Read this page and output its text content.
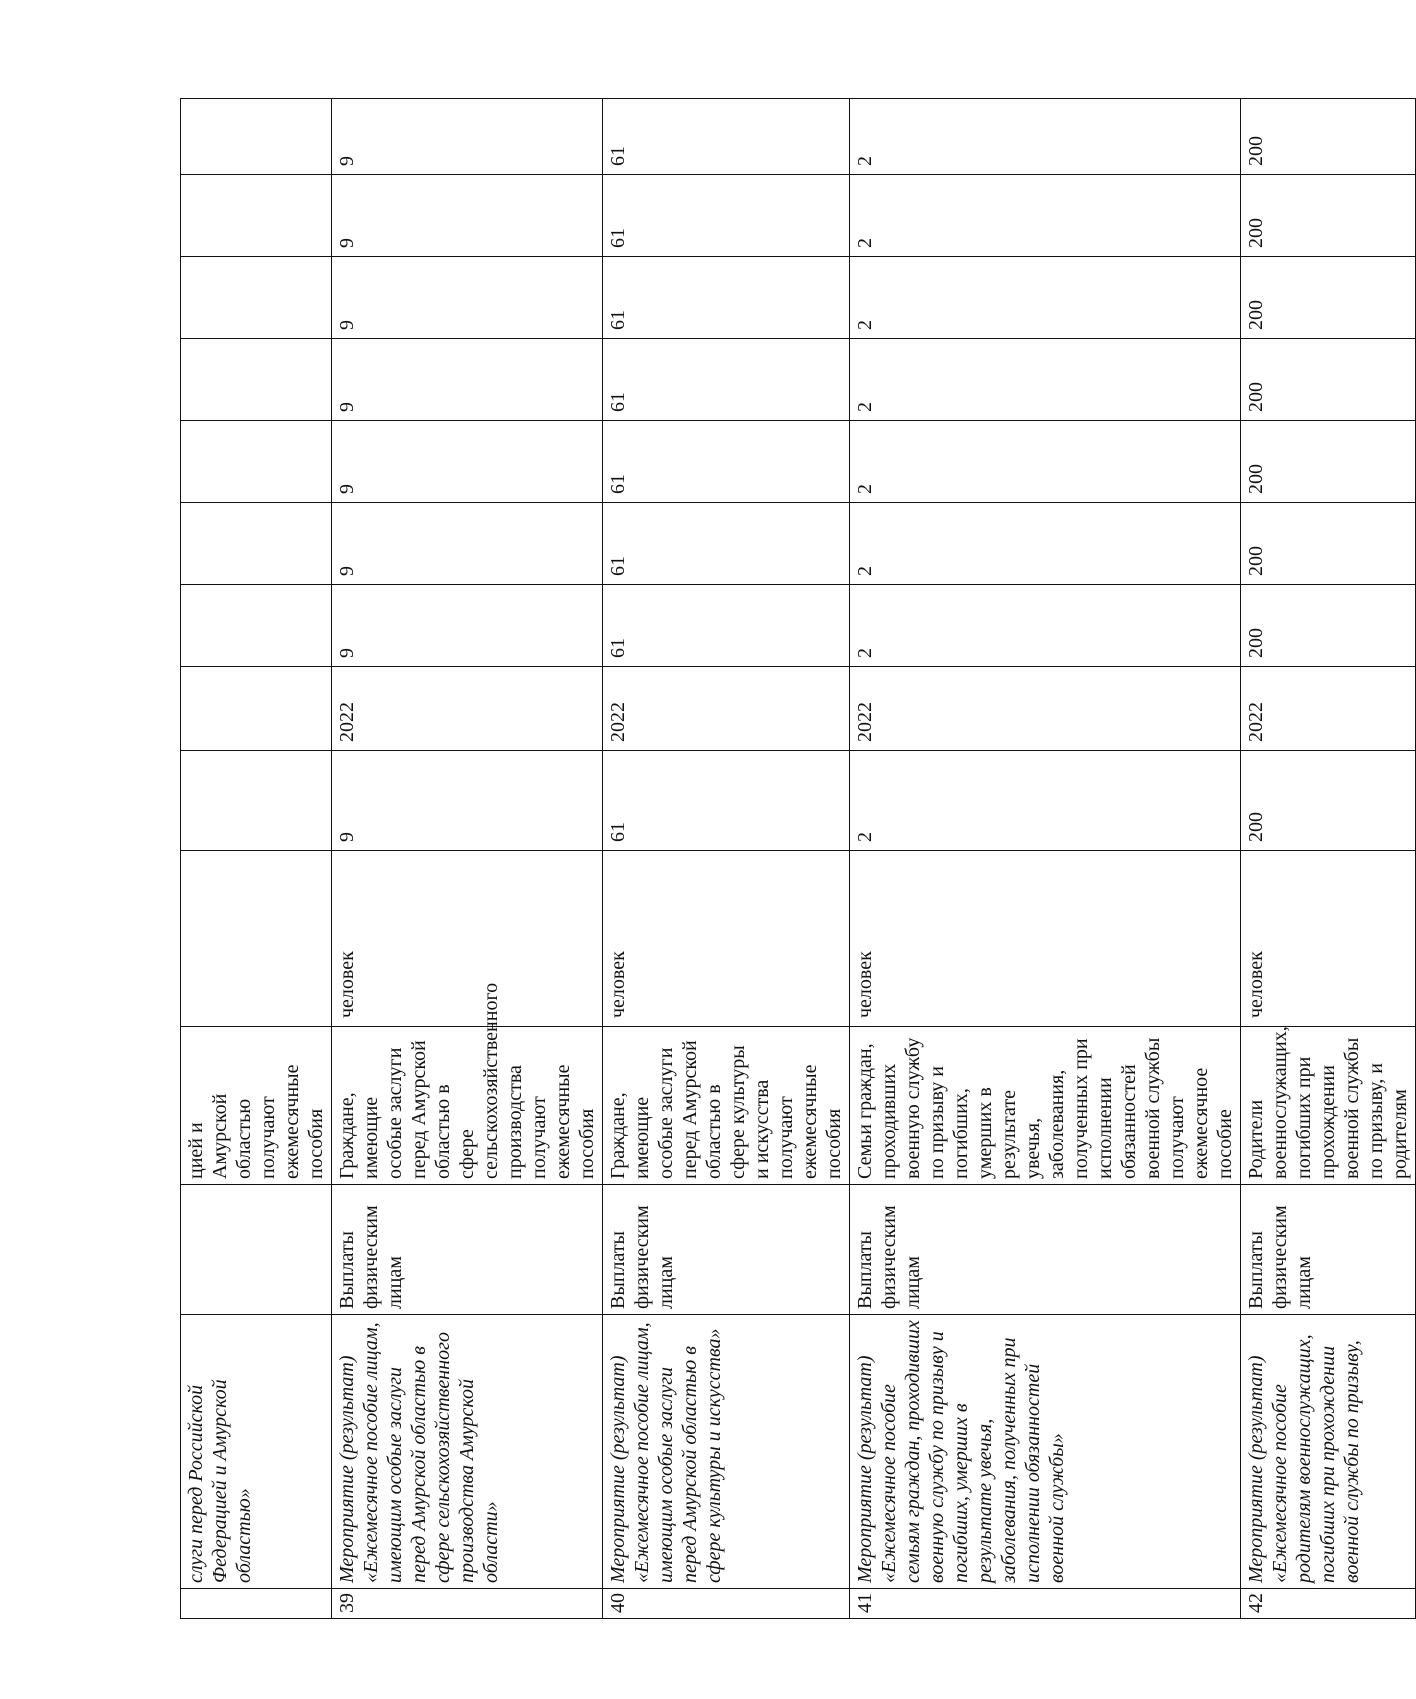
	слуги перед Российской Федерацией и Амурской областью»		цией и Амурской областью получают ежемесячные пособия										
39	Мероприятие (результат) «Ежемесячное пособие лицам, имеющим особые заслуги перед Амурской областью в сфере сельскохозяйственного производства Амурской области»	Выплаты физическим лицам	Граждане, имеющие особые заслуги перед Амурской областью в сфере сельскохозяйственного производства получают ежемесячные пособия	человек	9	2022	9	9	9	9	9	9	9
40	Мероприятие (результат) «Ежемесячное пособие лицам, имеющим особые заслуги перед Амурской областью в сфере культуры и искусства»	Выплаты физическим лицам	Граждане, имеющие особые заслуги перед Амурской областью в сфере культуры и искусства получают ежемесячные пособия	человек	61	2022	61	61	61	61	61	61	61
41	Мероприятие (результат) «Ежемесячное пособие семьям граждан, проходивших военную службу по призыву и погибших, умерших в результате увечья, заболевания, полученных при исполнении обязанностей военной службы»	Выплаты физическим лицам	Семьи граждан, проходивших военную службу по призыву и погибших, умерших в результате увечья, заболевания, полученных при исполнении обязанностей военной службы получают ежемесячное пособие	человек	2	2022	2	2	2	2	2	2	2
42	Мероприятие (результат) «Ежемесячное пособие родителям военнослужащих, погибших при прохождении военной службы по призыву,	Выплаты физическим лицам	Родители военнослужащих, погибших при прохождении военной службы по призыву, и родителям	человек	200	2022	200	200	200	200	200	200	200
